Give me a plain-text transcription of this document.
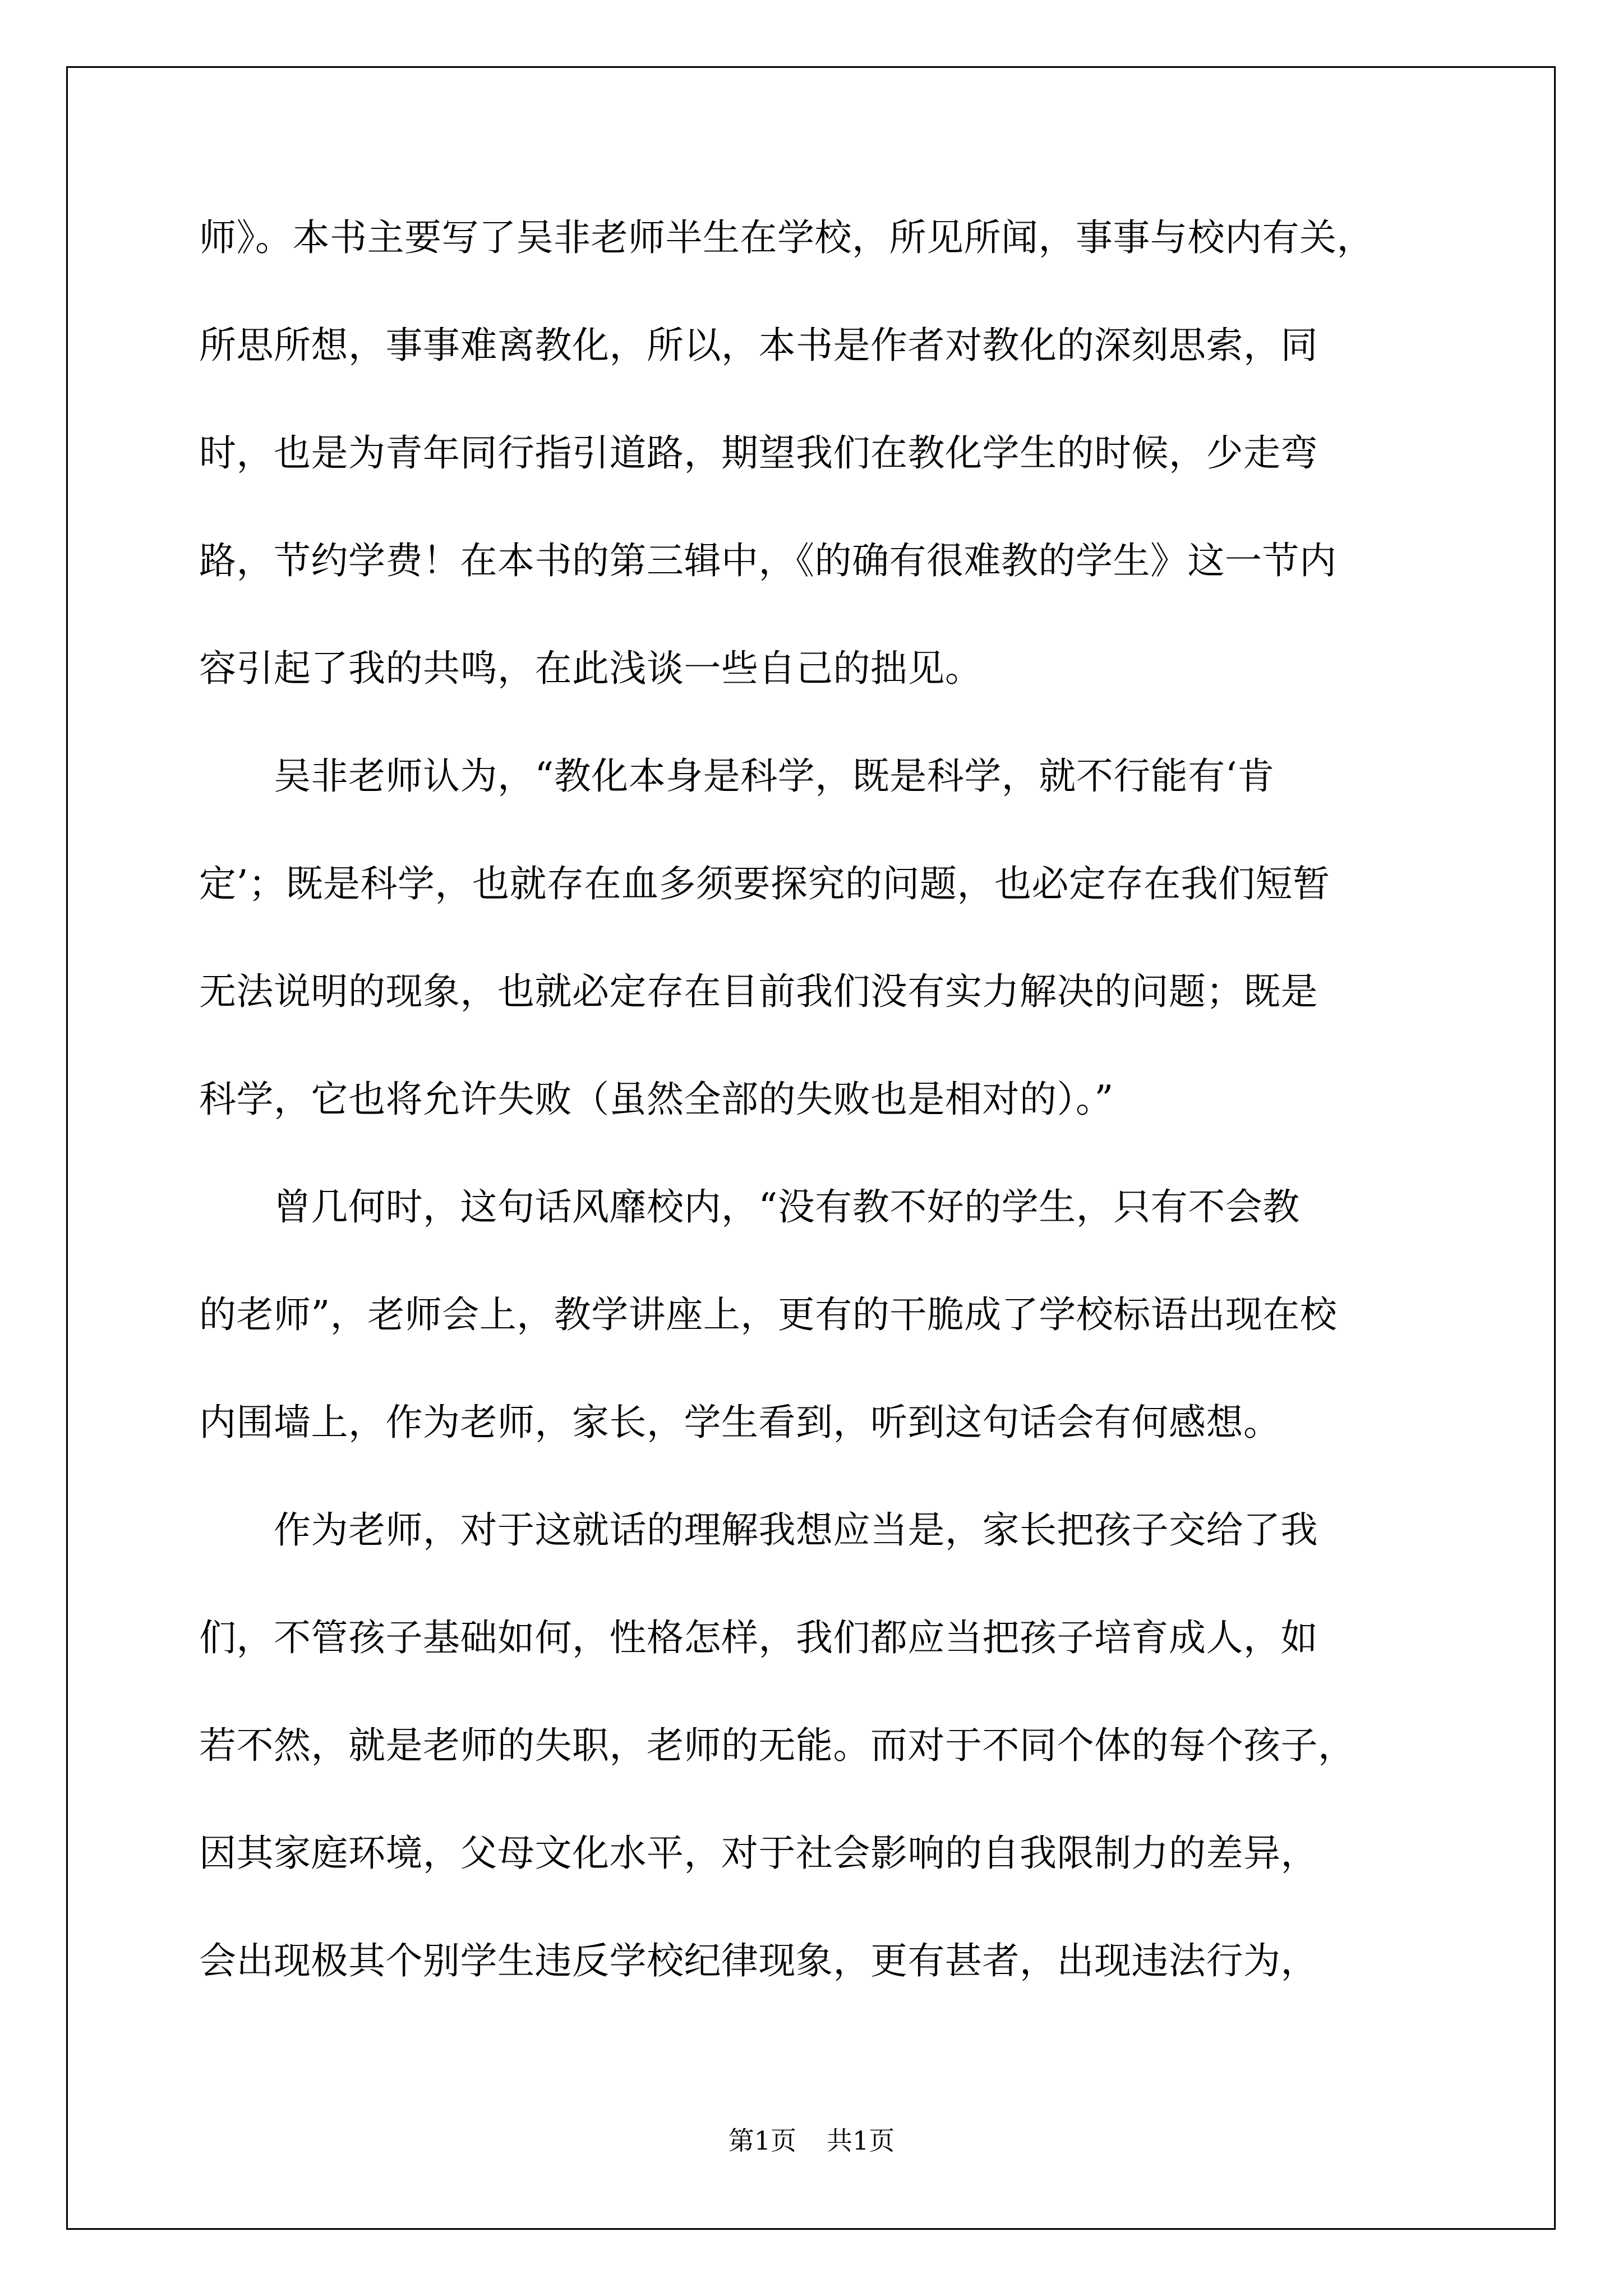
师》。本书主要写了吴非老师半生在学校，所见所闻，事事与校内有关，
所思所想，事事难离教化，所以，本书是作者对教化的深刻思索，同
时，也是为青年同行指引道路，期望我们在教化学生的时候，少走弯
路，节约学费！在本书的第三辑中，《的确有很难教的学生》这一节内
容引起了我的共鸣，在此浅谈一些自己的拙见。
　　吴非老师认为，“教化本身是科学，既是科学，就不行能有‘肯
定’；既是科学，也就存在血多须要探究的问题，也必定存在我们短暂
无法说明的现象，也就必定存在目前我们没有实力解决的问题；既是
科学，它也将允许失败（虽然全部的失败也是相对的）。”
　　曾几何时，这句话风靡校内，“没有教不好的学生，只有不会教
的老师”，老师会上，教学讲座上，更有的干脆成了学校标语出现在校
内围墙上，作为老师，家长，学生看到，听到这句话会有何感想。
　　作为老师，对于这就话的理解我想应当是，家长把孩子交给了我
们，不管孩子基础如何，性格怎样，我们都应当把孩子培育成人，如
若不然，就是老师的失职，老师的无能。而对于不同个体的每个孩子，
因其家庭环境，父母文化水平，对于社会影响的自我限制力的差异，
会出现极其个别学生违反学校纪律现象，更有甚者，出现违法行为，
第1页 共1页
